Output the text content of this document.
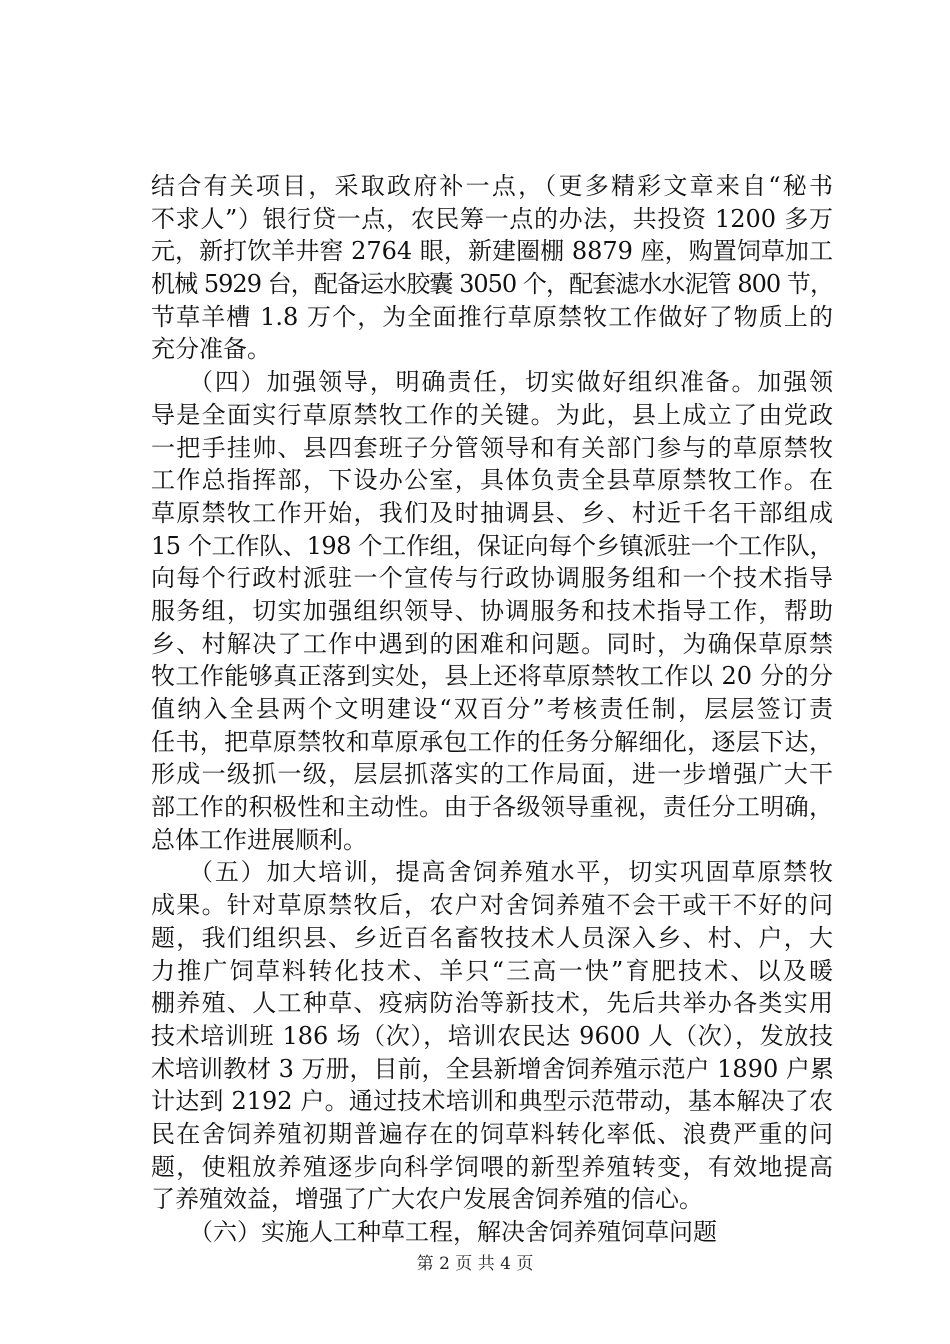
结合有关项目，采取政府补一点，（更多精彩文章来自“秘书
不求人”）银行贷一点，农民筹一点的办法，共投资 1200 多万
元，新打饮羊井窖 2764 眼，新建圈棚 8879 座，购置饲草加工
机械 5929 台，配备运水胶囊 3050 个，配套滤水水泥管 800 节，
节草羊槽 1.8 万个，为全面推行草原禁牧工作做好了物质上的
充分准备。
（四）加强领导，明确责任，切实做好组织准备。加强领
导是全面实行草原禁牧工作的关键。为此，县上成立了由党政
一把手挂帅、县四套班子分管领导和有关部门参与的草原禁牧
工作总指挥部，下设办公室，具体负责全县草原禁牧工作。在
草原禁牧工作开始，我们及时抽调县、乡、村近千名干部组成
15 个工作队、198 个工作组，保证向每个乡镇派驻一个工作队，
向每个行政村派驻一个宣传与行政协调服务组和一个技术指导
服务组，切实加强组织领导、协调服务和技术指导工作，帮助
乡、村解决了工作中遇到的困难和问题。同时，为确保草原禁
牧工作能够真正落到实处，县上还将草原禁牧工作以 20 分的分
值纳入全县两个文明建设“双百分”考核责任制，层层签订责
任书，把草原禁牧和草原承包工作的任务分解细化，逐层下达，
形成一级抓一级，层层抓落实的工作局面，进一步增强广大干
部工作的积极性和主动性。由于各级领导重视，责任分工明确，
总体工作进展顺利。
（五）加大培训，提高舍饲养殖水平，切实巩固草原禁牧
成果。针对草原禁牧后，农户对舍饲养殖不会干或干不好的问
题，我们组织县、乡近百名畜牧技术人员深入乡、村、户，大
力推广饲草料转化技术、羊只“三高一快”育肥技术、以及暖
棚养殖、人工种草、疫病防治等新技术，先后共举办各类实用
技术培训班 186 场（次），培训农民达 9600 人（次），发放技
术培训教材 3 万册，目前，全县新增舍饲养殖示范户 1890 户累
计达到 2192 户。通过技术培训和典型示范带动，基本解决了农
民在舍饲养殖初期普遍存在的饲草料转化率低、浪费严重的问
题，使粗放养殖逐步向科学饲喂的新型养殖转变，有效地提高
了养殖效益，增强了广大农户发展舍饲养殖的信心。
（六）实施人工种草工程，解决舍饲养殖饲草问题
第 2 页 共 4 页
